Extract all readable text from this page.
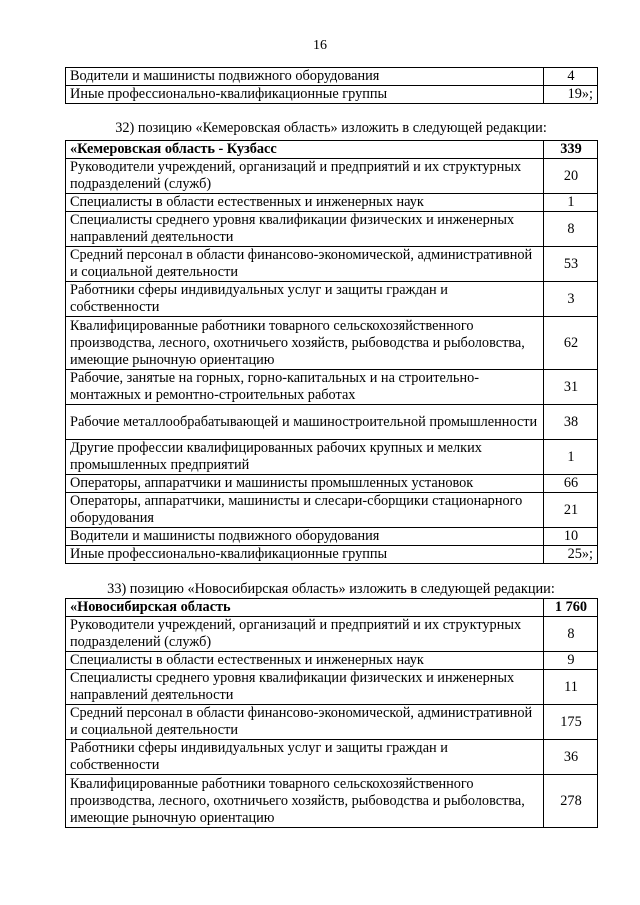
16
Водители и машинисты подвижного оборудования	4
Иные профессионально-квалификационные группы	19»;
32) позицию «Кемеровская область» изложить в следующей редакции:
«Кемеровская область - Кузбасс	339
Руководители учреждений, организаций и предприятий и их структурных подразделений (служб)	20
Специалисты в области естественных и инженерных наук	1
Специалисты среднего уровня квалификации физических и инженерных направлений деятельности	8
Средний персонал в области финансово-экономической, административной и социальной деятельности	53
Работники сферы индивидуальных услуг и защиты граждан и собственности	3
Квалифицированные работники товарного сельскохозяйственного производства, лесного, охотничьего хозяйств, рыбоводства и рыболовства, имеющие рыночную ориентацию	62
Рабочие, занятые на горных, горно-капитальных и на строительно-монтажных и ремонтно-строительных работах	31
Рабочие металлообрабатывающей и машиностроительной промышленности	38
Другие профессии квалифицированных рабочих крупных и мелких промышленных предприятий	1
Операторы, аппаратчики и машинисты промышленных установок	66
Операторы, аппаратчики, машинисты и слесари-сборщики стационарного оборудования	21
Водители и машинисты подвижного оборудования	10
Иные профессионально-квалификационные группы	25»;
33) позицию «Новосибирская область» изложить в следующей редакции:
«Новосибирская область	1 760
Руководители учреждений, организаций и предприятий и их структурных подразделений (служб)	8
Специалисты в области естественных и инженерных наук	9
Специалисты среднего уровня квалификации физических и инженерных направлений деятельности	11
Средний персонал в области финансово-экономической, административной и социальной деятельности	175
Работники сферы индивидуальных услуг и защиты граждан и собственности	36
Квалифицированные работники товарного сельскохозяйственного производства, лесного, охотничьего хозяйств, рыбоводства и рыболовства, имеющие рыночную ориентацию	278
